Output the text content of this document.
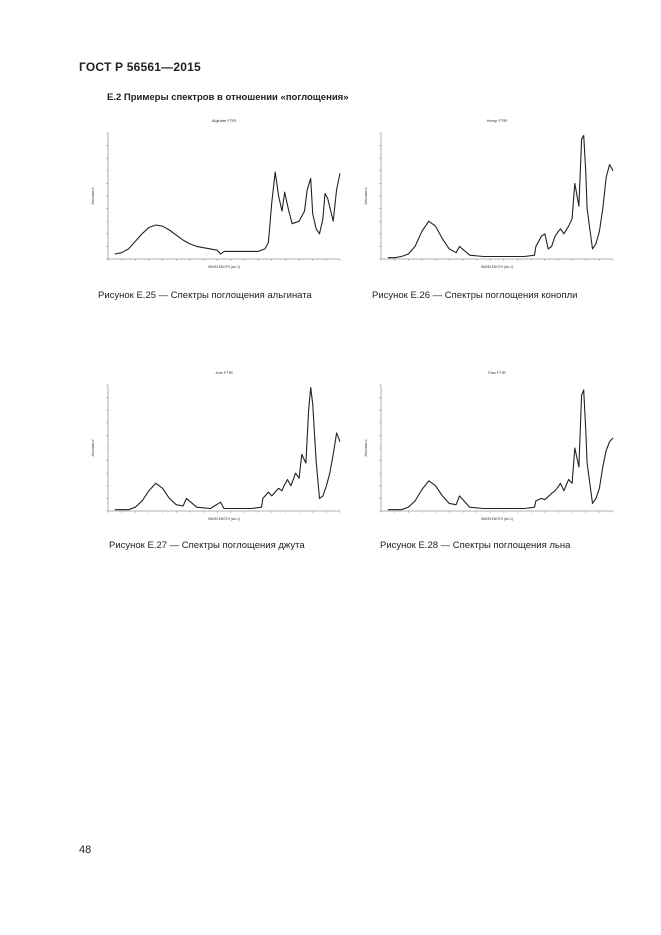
ГОСТ Р 56561—2015
Е.2 Примеры спектров в отношении «поглощения»
Alginate FTIR
WAVELENGTH (cm-1)
Absorbance
Рисунок Е.25 — Спектры поглощения альгината
Hemp FTIR
WAVELENGTH (cm-1)
Absorbance
Рисунок Е.26 — Спектры поглощения конопли
Jute FTIR
WAVELENGTH (cm-1)
Absorbance
Рисунок Е.27 — Спектры поглощения джута
Flax FTIR
WAVELENGTH (cm-1)
Absorbance
Рисунок Е.28 — Спектры поглощения льна
48
